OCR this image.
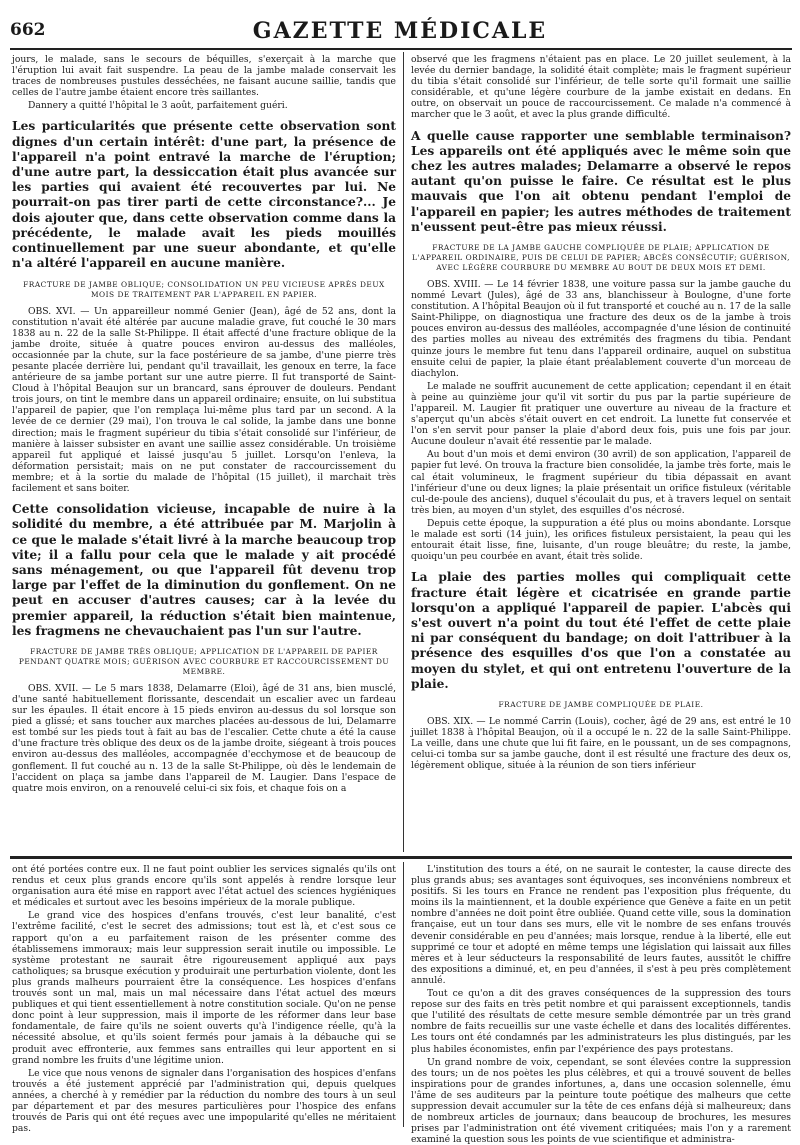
662	GAZETTE MÉDICALE

jours, le malade, sans le secours de béquilles, s'exerçait à la marche que l'éruption lui avait fait suspendre. La peau de la jambe malade conservait les traces de nombreuses pustules desséchées, ne faisant aucune saillie, tandis que celles de l'autre jambe étaient encore très saillantes.

Dannery a quitté l'hôpital le 3 août, parfaitement guéri.

Les particularités que présente cette observation sont dignes d'un certain intérêt: d'une part, la présence de l'appareil n'a point entravé la marche de l'éruption; d'une autre part, la dessiccation était plus avancée sur les parties qui avaient été recouvertes par lui. Ne pourrait-on pas tirer parti de cette circonstance?... Je dois ajouter que, dans cette observation comme dans la précédente, le malade avait les pieds mouillés continuellement par une sueur abondante, et qu'elle n'a altéré l'appareil en aucune manière.

FRACTURE DE JAMBE OBLIQUE; CONSOLIDATION UN PEU VICIEUSE APRÈS DEUX MOIS DE TRAITEMENT PAR L'APPAREIL EN PAPIER.

OBS. XVI. — Un appareilleur nommé Genier (Jean), âgé de 52 ans, dont la constitution n'avait été altérée par aucune maladie grave, fut couché le 30 mars 1838 au n. 22 de la salle St-Philippe. Il était affecté d'une fracture oblique de la jambe droite, située à quatre pouces environ au-dessus des malléoles, occasionnée par la chute, sur la face postérieure de sa jambe, d'une pierre très pesante placée derrière lui, pendant qu'il travaillait, les genoux en terre, la face antérieure de sa jambe portant sur une autre pierre. Il fut transporté de Saint-Cloud à l'hôpital Beaujon sur un brancard, sans éprouver de douleurs. Pendant trois jours, on tint le membre dans un appareil ordinaire; ensuite, on lui substitua l'appareil de papier, que l'on remplaça lui-même plus tard par un second. A la levée de ce dernier (29 mai), l'on trouva le cal solide, la jambe dans une bonne direction; mais le fragment supérieur du tibia s'était consolidé sur l'inférieur, de manière à laisser subsister en avant une saillie assez considérable. Un troisième appareil fut appliqué et laissé jusqu'au 5 juillet. Lorsqu'on l'enleva, la déformation persistait; mais on ne put constater de raccourcissement du membre; et à la sortie du malade de l'hôpital (15 juillet), il marchait très facilement et sans boiter.

Cette consolidation vicieuse, incapable de nuire à la solidité du membre, a été attribuée par M. Marjolin à ce que le malade s'était livré à la marche beaucoup trop vite; il a fallu pour cela que le malade y ait procédé sans ménagement, ou que l'appareil fût devenu trop large par l'effet de la diminution du gonflement. On ne peut en accuser d'autres causes; car à la levée du premier appareil, la réduction s'était bien maintenue, les fragmens ne chevauchaient pas l'un sur l'autre.

FRACTURE DE JAMBE TRÈS OBLIQUE; APPLICATION DE L'APPAREIL DE PAPIER PENDANT QUATRE MOIS; GUÉRISON AVEC COURBURE ET RACCOURCISSEMENT DU MEMBRE.

OBS. XVII. — Le 5 mars 1838, Delamarre (Eloi), âgé de 31 ans, bien musclé, d'une santé habituellement florissante, descendait un escalier avec un fardeau sur les épaules. Il était encore à 15 pieds environ au-dessus du sol lorsque son pied a glissé; et sans toucher aux marches placées au-dessous de lui, Delamarre est tombé sur les pieds tout à fait au bas de l'escalier. Cette chute a été la cause d'une fracture très oblique des deux os de la jambe droite, siégeant à trois pouces environ au-dessus des malléoles, accompagnée d'ecchymose et de beaucoup de gonflement. Il fut couché au n. 13 de la salle St-Philippe, où dès le lendemain de l'accident on plaça sa jambe dans l'appareil de M. Laugier. Dans l'espace de quatre mois environ, on a renouvelé celui-ci six fois, et chaque fois on a

observé que les fragmens n'étaient pas en place. Le 20 juillet seulement, à la levée du dernier bandage, la solidité était complète; mais le fragment supérieur du tibia s'était consolidé sur l'inférieur, de telle sorte qu'il formait une saillie considérable, et qu'une légère courbure de la jambe existait en dedans. En outre, on observait un pouce de raccourcissement. Ce malade n'a commencé à marcher que le 3 août, et avec la plus grande difficulté.

A quelle cause rapporter une semblable terminaison? Les appareils ont été appliqués avec le même soin que chez les autres malades; Delamarre a observé le repos autant qu'on puisse le faire. Ce résultat est le plus mauvais que l'on ait obtenu pendant l'emploi de l'appareil en papier; les autres méthodes de traitement n'eussent peut-être pas mieux réussi.

FRACTURE DE LA JAMBE GAUCHE COMPLIQUÉE DE PLAIE; APPLICATION DE L'APPAREIL ORDINAIRE, PUIS DE CELUI DE PAPIER; ABCÈS CONSÉCUTIF; GUÉRISON, AVEC LÉGÈRE COURBURE DU MEMBRE AU BOUT DE DEUX MOIS ET DEMI.

OBS. XVIII. — Le 14 février 1838, une voiture passa sur la jambe gauche du nommé Levart (Jules), âgé de 33 ans, blanchisseur à Boulogne, d'une forte constitution. A l'hôpital Beaujon où il fut transporté et couché au n. 17 de la salle Saint-Philippe, on diagnostiqua une fracture des deux os de la jambe à trois pouces environ au-dessus des malléoles, accompagnée d'une lésion de continuité des parties molles au niveau des extrémités des fragmens du tibia. Pendant quinze jours le membre fut tenu dans l'appareil ordinaire, auquel on substitua ensuite celui de papier, la plaie étant préalablement couverte d'un morceau de diachylon.

Le malade ne souffrit aucunement de cette application; cependant il en était à peine au quinzième jour qu'il vit sortir du pus par la partie supérieure de l'appareil. M. Laugier fit pratiquer une ouverture au niveau de la fracture et s'aperçut qu'un abcès s'était ouvert en cet endroit. La lunette fut conservée et l'on s'en servit pour panser la plaie d'abord deux fois, puis une fois par jour. Aucune douleur n'avait été ressentie par le malade.

Au bout d'un mois et demi environ (30 avril) de son application, l'appareil de papier fut levé. On trouva la fracture bien consolidée, la jambe très forte, mais le cal était volumineux, le fragment supérieur du tibia dépassait en avant l'inférieur d'une ou deux lignes; la plaie présentait un orifice fistuleux (véritable cul-de-poule des anciens), duquel s'écoulait du pus, et à travers lequel on sentait très bien, au moyen d'un stylet, des esquilles d'os nécrosé.

Depuis cette époque, la suppuration a été plus ou moins abondante. Lorsque le malade est sorti (14 juin), les orifices fistuleux persistaient, la peau qui les entourait était lisse, fine, luisante, d'un rouge bleuâtre; du reste, la jambe, quoiqu'un peu courbée en avant, était très solide.

La plaie des parties molles qui compliquait cette fracture était légère et cicatrisée en grande partie lorsqu'on a appliqué l'appareil de papier. L'abcès qui s'est ouvert n'a point du tout été l'effet de cette plaie ni par conséquent du bandage; on doit l'attribuer à la présence des esquilles d'os que l'on a constatée au moyen du stylet, et qui ont entretenu l'ouverture de la plaie.

FRACTURE DE JAMBE COMPLIQUÉE DE PLAIE.

OBS. XIX. — Le nommé Carrin (Louis), cocher, âgé de 29 ans, est entré le 10 juillet 1838 à l'hôpital Beaujon, où il a occupé le n. 22 de la salle Saint-Philippe. La veille, dans une chute que lui fit faire, en le poussant, un de ses compagnons, celui-ci tomba sur sa jambe gauche, dont il est résulté une fracture des deux os, légèrement oblique, située à la réunion de son tiers inférieur

ont été portées contre eux. Il ne faut point oublier les services signalés qu'ils ont rendus et ceux plus grands encore qu'ils sont appelés à rendre lorsque leur organisation aura été mise en rapport avec l'état actuel des sciences hygiéniques et médicales et surtout avec les besoins impérieux de la morale publique.

Le grand vice des hospices d'enfans trouvés, c'est leur banalité, c'est l'extrême facilité, c'est le secret des admissions; tout est là, et c'est sous ce rapport qu'on a eu parfaitement raison de les présenter comme des établissemens immoraux; mais leur suppression serait inutile ou impossible. Le système protestant ne saurait être rigoureusement appliqué aux pays catholiques; sa brusque exécution y produirait une perturbation violente, dont les plus grands malheurs pourraient être la conséquence. Les hospices d'enfans trouvés sont un mal, mais un mal nécessaire dans l'état actuel des mœurs publiques et qui tient essentiellement à notre constitution sociale. Qu'on ne pense donc point à leur suppression, mais il importe de les réformer dans leur base fondamentale, de faire qu'ils ne soient ouverts qu'à l'indigence réelle, qu'à la nécessité absolue, et qu'ils soient fermés pour jamais à la débauche qui se produit avec effronterie, aux femmes sans entrailles qui leur apportent en si grand nombre les fruits d'une légitime union.

Le vice que nous venons de signaler dans l'organisation des hospices d'enfans trouvés a été justement apprécié par l'administration qui, depuis quelques années, a cherché à y remédier par la réduction du nombre des tours à un seul par département et par des mesures particulières pour l'hospice des enfans trouvés de Paris qui ont été reçues avec une impopularité qu'elles ne méritaient pas.

L'institution des tours a été, on ne saurait le contester, la cause directe des plus grands abus; ses avantages sont équivoques, ses inconvéniens nombreux et positifs. Si les tours en France ne rendent pas l'exposition plus fréquente, du moins ils la maintiennent, et la double expérience que Genève a faite en un petit nombre d'années ne doit point être oubliée. Quand cette ville, sous la domination française, eut un tour dans ses murs, elle vit le nombre de ses enfans trouvés devenir considérable en peu d'années; mais lorsque, rendue à la liberté, elle eut supprimé ce tour et adopté en même temps une législation qui laissait aux filles mères et à leur séducteurs la responsabilité de leurs fautes, aussitôt le chiffre des expositions a diminué, et, en peu d'années, il s'est à peu près complètement annulé.

Tout ce qu'on a dit des graves conséquences de la suppression des tours repose sur des faits en très petit nombre et qui paraissent exceptionnels, tandis que l'utilité des résultats de cette mesure semble démontrée par un très grand nombre de faits recueillis sur une vaste échelle et dans des localités différentes. Les tours ont été condamnés par les administrateurs les plus distingués, par les plus habiles économistes, enfin par l'expérience des pays protestans.

Un grand nombre de voix, cependant, se sont élevées contre la suppression des tours; un de nos poètes les plus célèbres, et qui a trouvé souvent de belles inspirations pour de grandes infortunes, a, dans une occasion solennelle, ému l'âme de ses auditeurs par la peinture toute poétique des malheurs que cette suppression devait accumuler sur la tête de ces enfans déjà si malheureux; dans de nombreux articles de journaux; dans beaucoup de brochures, les mesures prises par l'administration ont été vivement critiquées; mais l'on y a rarement examiné la question sous les points de vue scientifique et administra-
